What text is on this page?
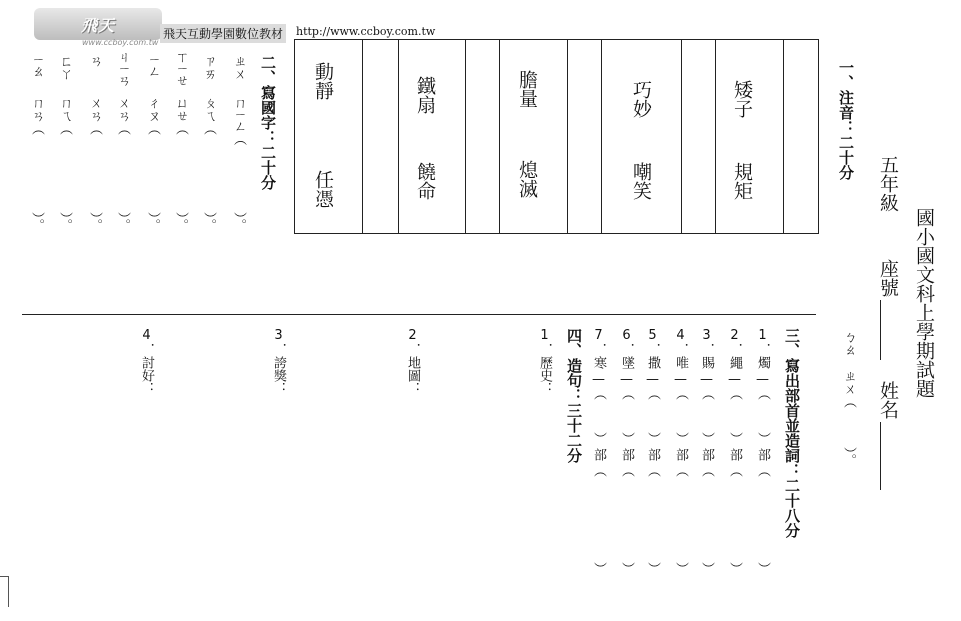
飛天
www.ccboy.com.tw
飛天互動學園數位教材 http://www.ccboy.com.tw
國小國文科上學期試題
五年級
座號
姓名
一、注音：二十分
矮子
巧妙
膽量
鐵扇
動靜
規矩
嘲笑
熄滅
饒命
任憑
二、寫國字：二十分
ㄓㄨ
ㄇㄧㄥ（
）。
ㄗㄞ
ㄆㄟ（
）。
ㄒㄧㄝ
ㄩㄝ（
）。
ㄧㄥ
ㄔㄡ（
）。
ㄐㄧㄢ
ㄨㄢ（
）。
ㄢ
ㄨㄢ（
）。
ㄈㄚ
ㄇㄟ（
）。
ㄧㄠ
ㄇㄢ（
）。
ㄅㄠ　ㄓㄨ（　　　）。
三、寫出部首並造詞：二十八分
1．
燭
—（
）
部
（
）
2．
繩
—（
）
部
（
）
3．
賜
—（
）
部
（
）
4．
唯
—（
）
部
（
）
5．
撒
—（
）
部
（
）
6．
墜
—（
）
部
（
）
7．
寒
—（
）
部
（
）
四、造句：三十二分
1
．歷史：
2
．地圖：
3
．誇獎：
4
．討好：
